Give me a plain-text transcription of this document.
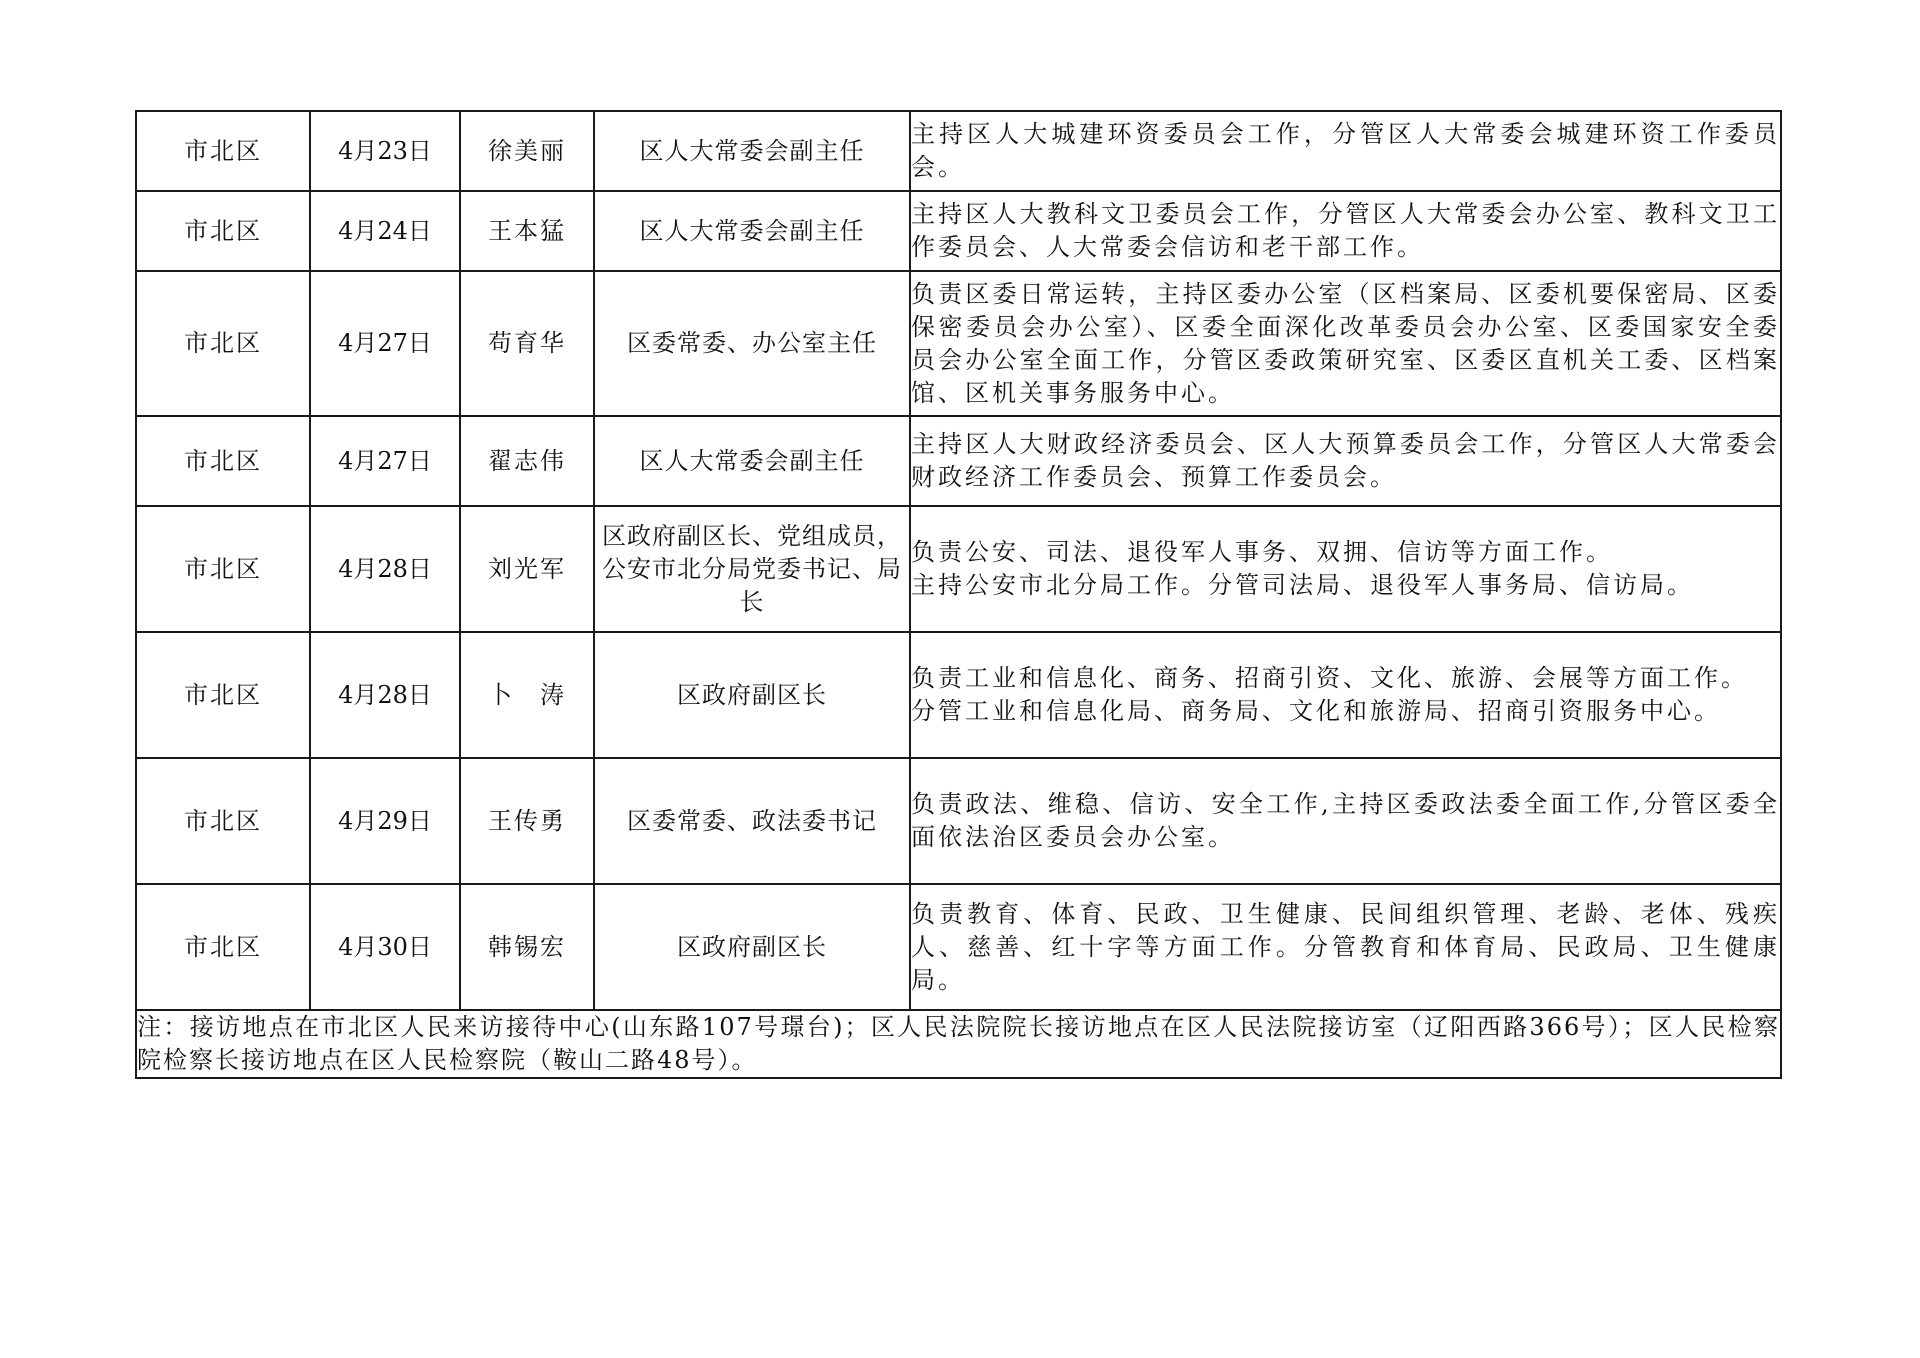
市北区	4月23日	徐美丽	区人大常委会副主任	主持区人大城建环资委员会工作，分管区人大常委会城建环资工作委员会。

市北区	4月24日	王本猛	区人大常委会副主任	主持区人大教科文卫委员会工作，分管区人大常委会办公室、教科文卫工作委员会、人大常委会信访和老干部工作。

市北区	4月27日	苟育华	区委常委、办公室主任	负责区委日常运转，主持区委办公室（区档案局、区委机要保密局、区委保密委员会办公室）、区委全面深化改革委员会办公室、区委国家安全委员会办公室全面工作，分管区委政策研究室、区委区直机关工委、区档案馆、区机关事务服务中心。

市北区	4月27日	翟志伟	区人大常委会副主任	主持区人大财政经济委员会、区人大预算委员会工作，分管区人大常委会财政经济工作委员会、预算工作委员会。

市北区	4月28日	刘光军	区政府副区长、党组成员，公安市北分局党委书记、局长	负责公安、司法、退役军人事务、双拥、信访等方面工作。
主持公安市北分局工作。分管司法局、退役军人事务局、信访局。

市北区	4月28日	卜　涛	区政府副区长	负责工业和信息化、商务、招商引资、文化、旅游、会展等方面工作。
分管工业和信息化局、商务局、文化和旅游局、招商引资服务中心。

市北区	4月29日	王传勇	区委常委、政法委书记	负责政法、维稳、信访、安全工作,主持区委政法委全面工作,分管区委全面依法治区委员会办公室。

市北区	4月30日	韩锡宏	区政府副区长	负责教育、体育、民政、卫生健康、民间组织管理、老龄、老体、残疾人、慈善、红十字等方面工作。分管教育和体育局、民政局、卫生健康局。

注：接访地点在市北区人民来访接待中心(山东路107号璟台)；区人民法院院长接访地点在区人民法院接访室（辽阳西路366号）；区人民检察院检察长接访地点在区人民检察院（鞍山二路48号）。				
